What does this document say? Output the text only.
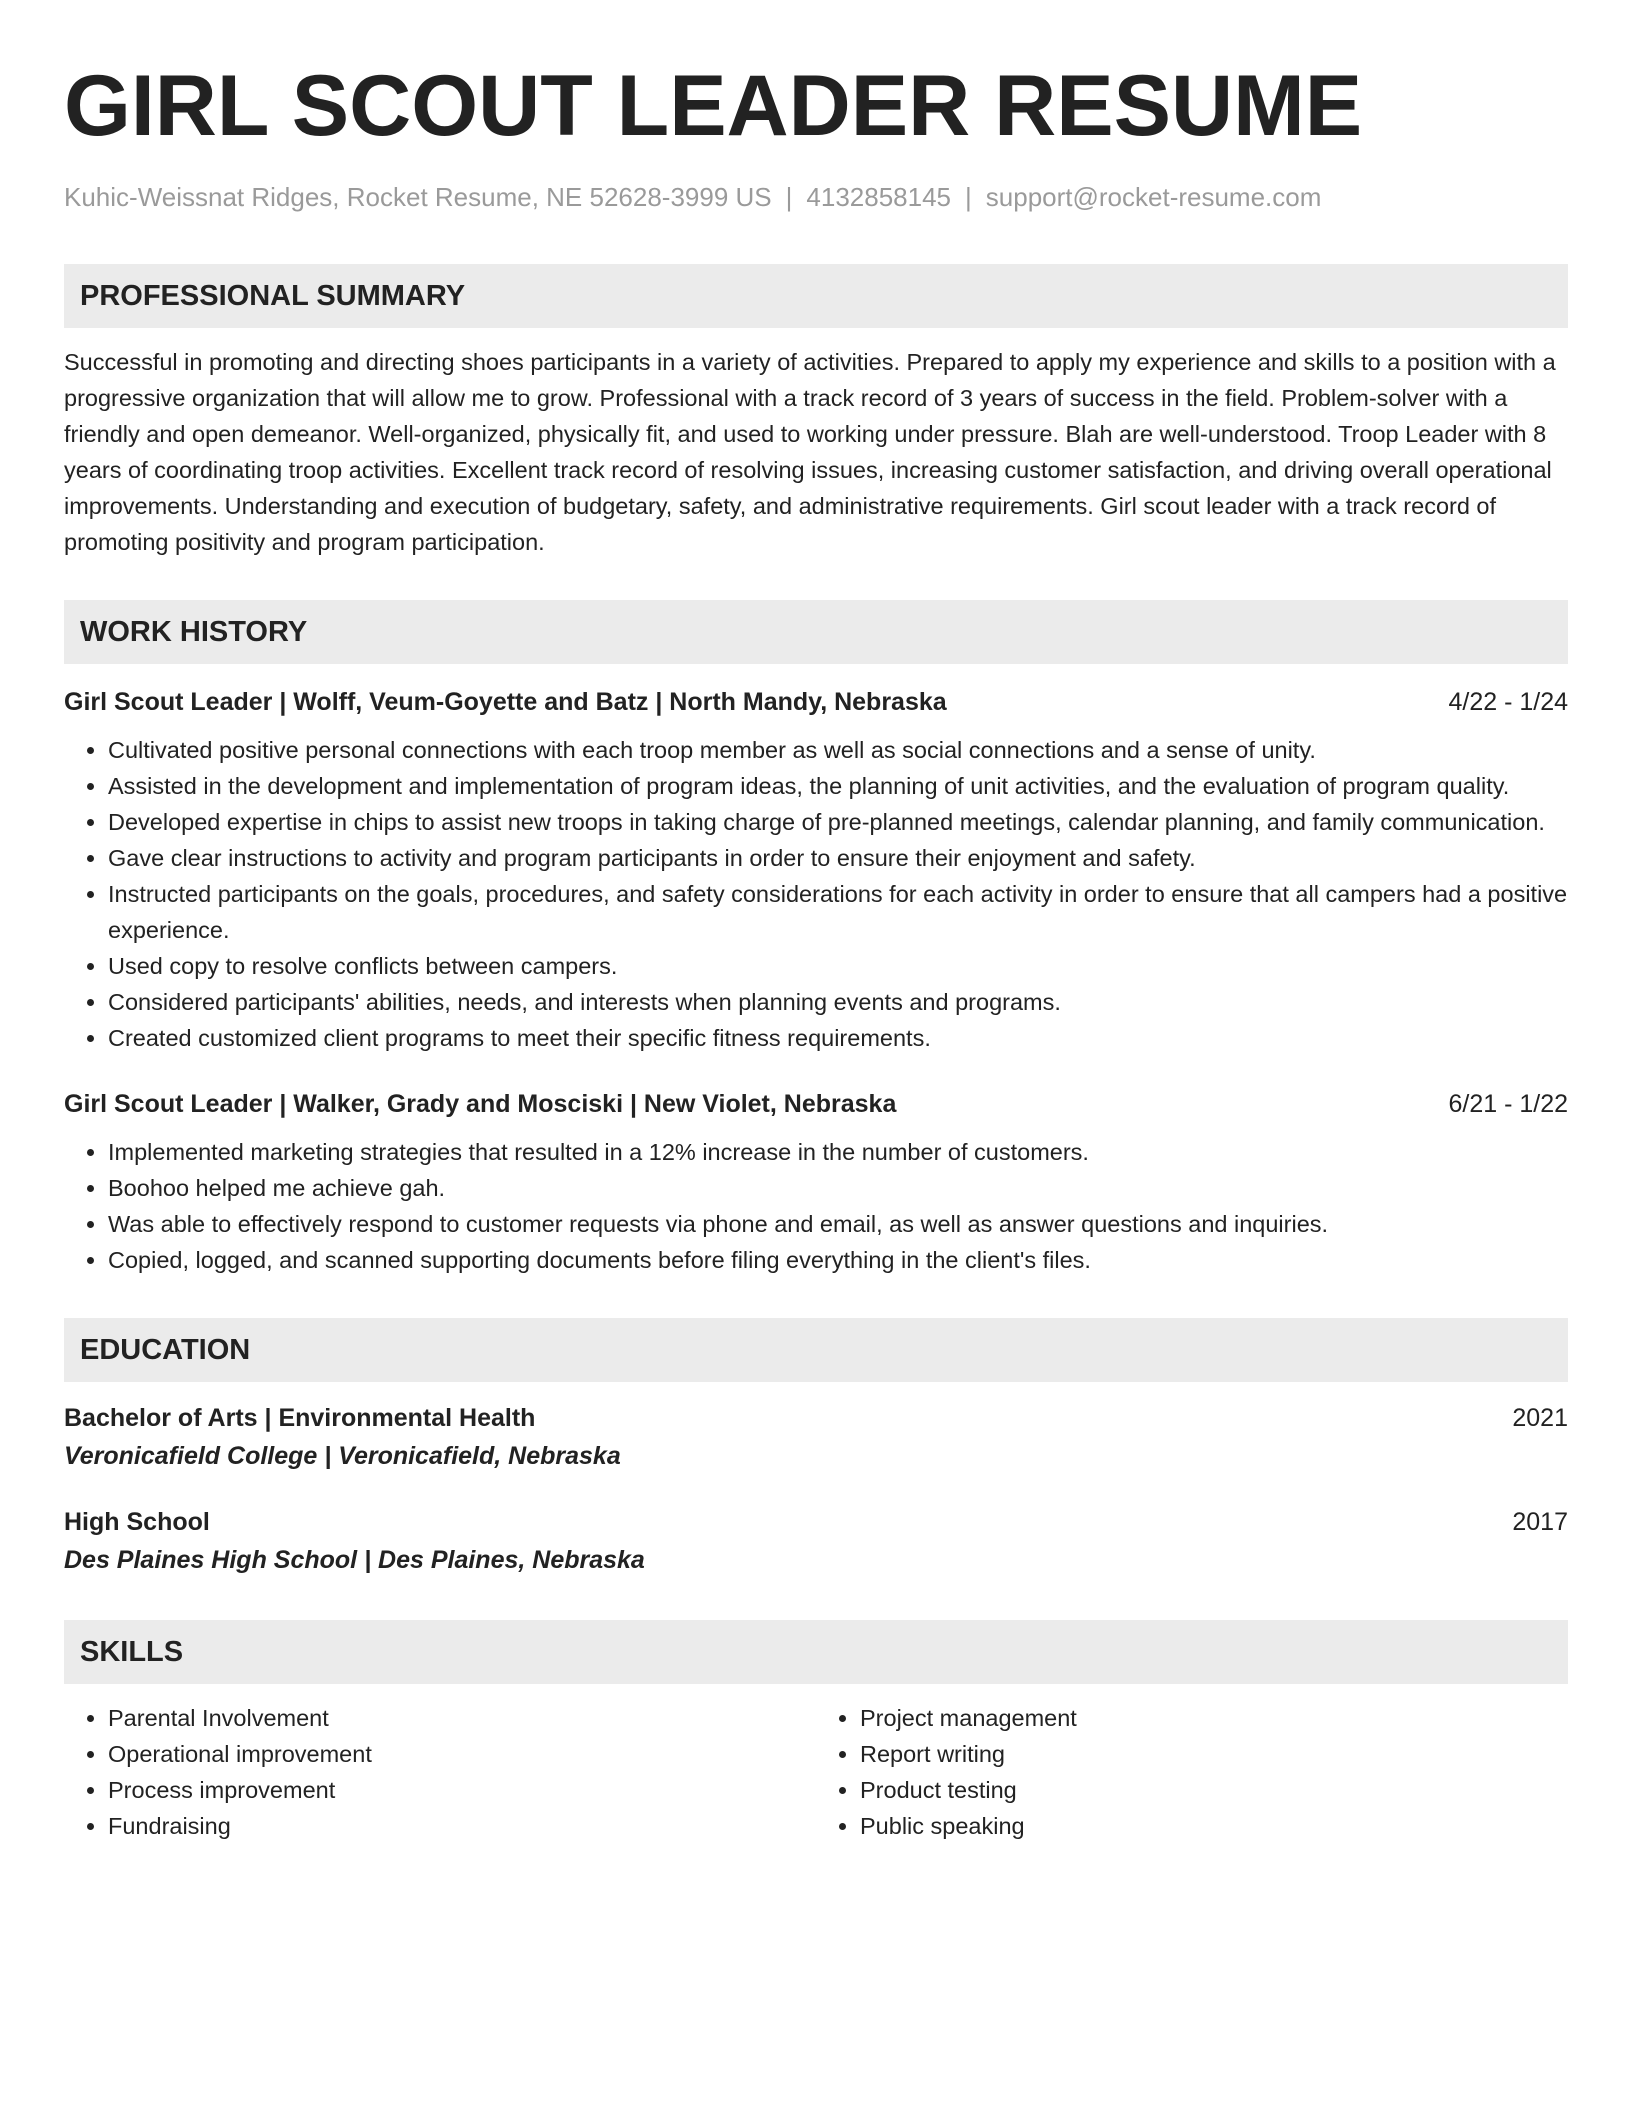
GIRL SCOUT LEADER RESUME
Kuhic-Weissnat Ridges, Rocket Resume, NE 52628-3999 US | 4132858145 | support@rocket-resume.com
PROFESSIONAL SUMMARY

Successful in promoting and directing shoes participants in a variety of activities. Prepared to apply my experience and skills to a position with a progressive organization that will allow me to grow. Professional with a track record of 3 years of success in the field. Problem-solver with a friendly and open demeanor. Well-organized, physically fit, and used to working under pressure. Blah are well-understood. Troop Leader with 8 years of coordinating troop activities. Excellent track record of resolving issues, increasing customer satisfaction, and driving overall operational improvements. Understanding and execution of budgetary, safety, and administrative requirements. Girl scout leader with a track record of promoting positivity and program participation.

WORK HISTORY
Girl Scout Leader | Wolff, Veum-Goyette and Batz | North Mandy, Nebraska	4/22 - 1/24
• Cultivated positive personal connections with each troop member as well as social connections and a sense of unity.
• Assisted in the development and implementation of program ideas, the planning of unit activities, and the evaluation of program quality.
• Developed expertise in chips to assist new troops in taking charge of pre-planned meetings, calendar planning, and family communication.
• Gave clear instructions to activity and program participants in order to ensure their enjoyment and safety.
• Instructed participants on the goals, procedures, and safety considerations for each activity in order to ensure that all campers had a positive experience.
• Used copy to resolve conflicts between campers.
• Considered participants' abilities, needs, and interests when planning events and programs.
• Created customized client programs to meet their specific fitness requirements.
Girl Scout Leader | Walker, Grady and Mosciski | New Violet, Nebraska	6/21 - 1/22
• Implemented marketing strategies that resulted in a 12% increase in the number of customers.
• Boohoo helped me achieve gah.
• Was able to effectively respond to customer requests via phone and email, as well as answer questions and inquiries.
• Copied, logged, and scanned supporting documents before filing everything in the client's files.
EDUCATION
Bachelor of Arts | Environmental Health	2021
Veronicafield College | Veronicafield, Nebraska
High School	2017
Des Plaines High School | Des Plaines, Nebraska
SKILLS
• Parental Involvement
• Operational improvement
• Process improvement
• Fundraising
• Project management
• Report writing
• Product testing
• Public speaking
